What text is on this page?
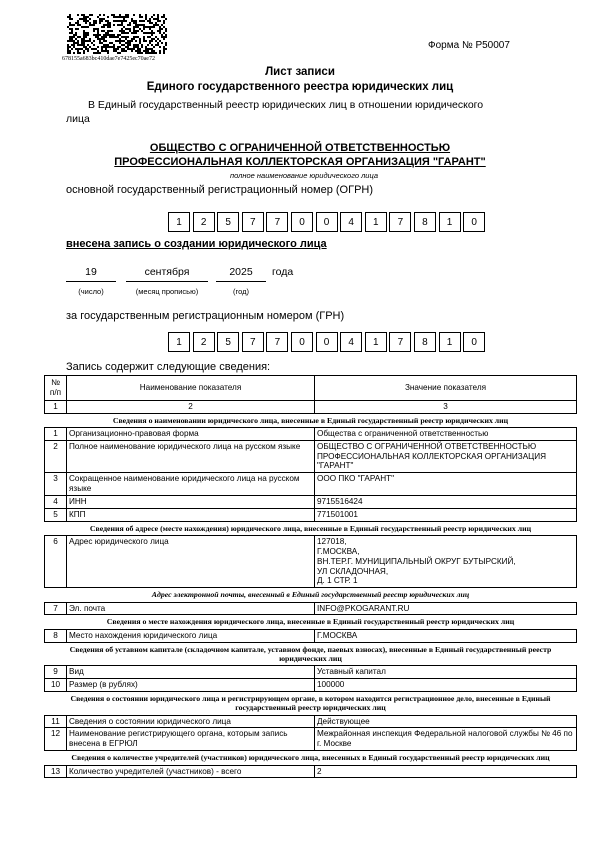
678155a683bc410dae7e7425ec70ae72
Форма № Р50007
Лист записи
Единого государственного реестра юридических лиц
В Единый государственный реестр юридических лиц в отношении юридического
лица
ОБЩЕСТВО С ОГРАНИЧЕННОЙ ОТВЕТСТВЕННОСТЬЮ
ПРОФЕССИОНАЛЬНАЯ КОЛЛЕКТОРСКАЯ ОРГАНИЗАЦИЯ "ГАРАНТ"
полное наименование юридического лица
основной государственный регистрационный номер (ОГРН)
1	2	5	7	7	0	0	4	1	7	8	1	0
внесена запись о создании юридического лица
19	сентября	2025	года
(число)	(месяц прописью)	(год)
за государственным регистрационным номером (ГРН)
1	2	5	7	7	0	0	4	1	7	8	1	0
Запись содержит следующие сведения:
№
п/п	Наименование показателя	Значение показателя
1	2	3
Сведения о наименовании юридического лица, внесенные в Единый государственный реестр юридических лиц		
1	Организационно-правовая форма	Общества с ограниченной ответственностью
2	Полное наименование юридического лица на русском языке	ОБЩЕСТВО С ОГРАНИЧЕННОЙ ОТВЕТСТВЕННОСТЬЮ ПРОФЕССИОНАЛЬНАЯ КОЛЛЕКТОРСКАЯ ОРГАНИЗАЦИЯ "ГАРАНТ"
3	Сокращенное наименование юридического лица на русском языке	ООО ПКО "ГАРАНТ"
4	ИНН	9715516424
5	КПП	771501001
Сведения об адресе (месте нахождения) юридического лица, внесенные в Единый государственный реестр юридических лиц		
6	Адрес юридического лица	127018,
Г.МОСКВА,
ВН.ТЕР.Г. МУНИЦИПАЛЬНЫЙ ОКРУГ БУТЫРСКИЙ,
УЛ СКЛАДОЧНАЯ,
Д. 1 СТР. 1
Адрес электронной почты, внесенный в Единый государственный реестр юридических лиц		
7	Эл. почта	INFO@PKOGARANT.RU
Сведения о месте нахождения юридического лица, внесенные в Единый государственный реестр юридических лиц		
8	Место нахождения юридического лица	Г.МОСКВА
Сведения об уставном капитале (складочном капитале, уставном фонде, паевых взносах), внесенные в Единый государственный реестр юридических лиц		
9	Вид	Уставный капитал
10	Размер (в рублях)	100000
Сведения о состоянии юридического лица и регистрирующем органе, в котором находится регистрационное дело, внесенные в Единый государственный реестр юридических лиц		
11	Сведения о состоянии юридического лица	Действующее
12	Наименование регистрирующего органа, которым запись внесена в ЕГРЮЛ	Межрайонная инспекция Федеральной налоговой службы № 46 по г. Москве
Сведения о количестве учредителей (участников) юридического лица, внесенных в Единый государственный реестр юридических лиц		
13	Количество учредителей (участников) - всего	2
